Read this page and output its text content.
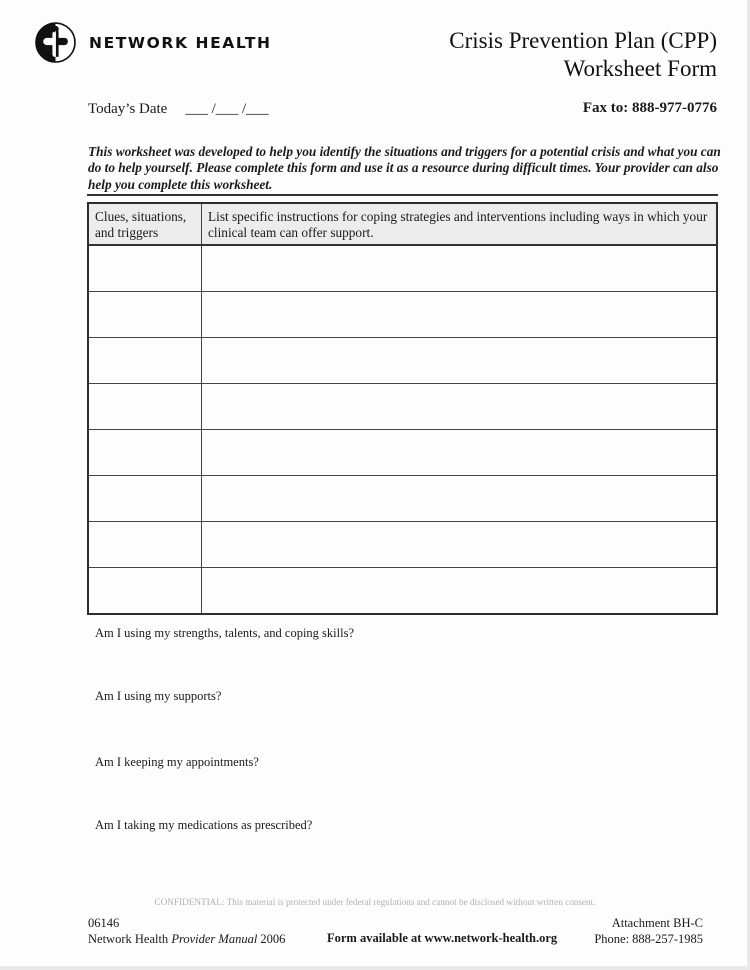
NETWORK HEALTH	Crisis Prevention Plan (CPP)
Worksheet Form
Today’s Date ___ /___ /___	Fax to: 888-977-0776
This worksheet was developed to help you identify the situations and triggers for a potential crisis and what you can do to help yourself. Please complete this form and use it as a resource during difficult times. Your provider can also help you complete this worksheet.
Clues, situations, and triggers	List specific instructions for coping strategies and interventions including ways in which your clinical team can offer support.

Am I using my strengths, talents, and coping skills?
Am I using my supports?
Am I keeping my appointments?
Am I taking my medications as prescribed?
CONFIDENTIAL: This material is protected under federal regulations and cannot be disclosed without written consent.
06146
Network Health Provider Manual 2006	Form available at www.network-health.org
Attachment BH-C
Phone: 888-257-1985
